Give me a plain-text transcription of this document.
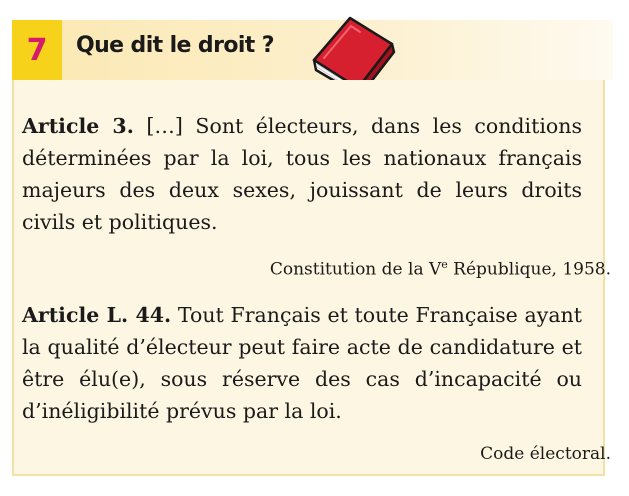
7	Que dit le droit ?

Article 3. […] Sont électeurs, dans les conditions déterminées par la loi, tous les nationaux français majeurs des deux sexes, jouissant de leurs droits civils et politiques.

Constitution de la Ve République, 1958.

Article L. 44. Tout Français et toute Française ayant la qualité d’électeur peut faire acte de candidature et être élu(e), sous réserve des cas d’incapacité ou d’inéligibilité prévus par la loi.

Code électoral.
